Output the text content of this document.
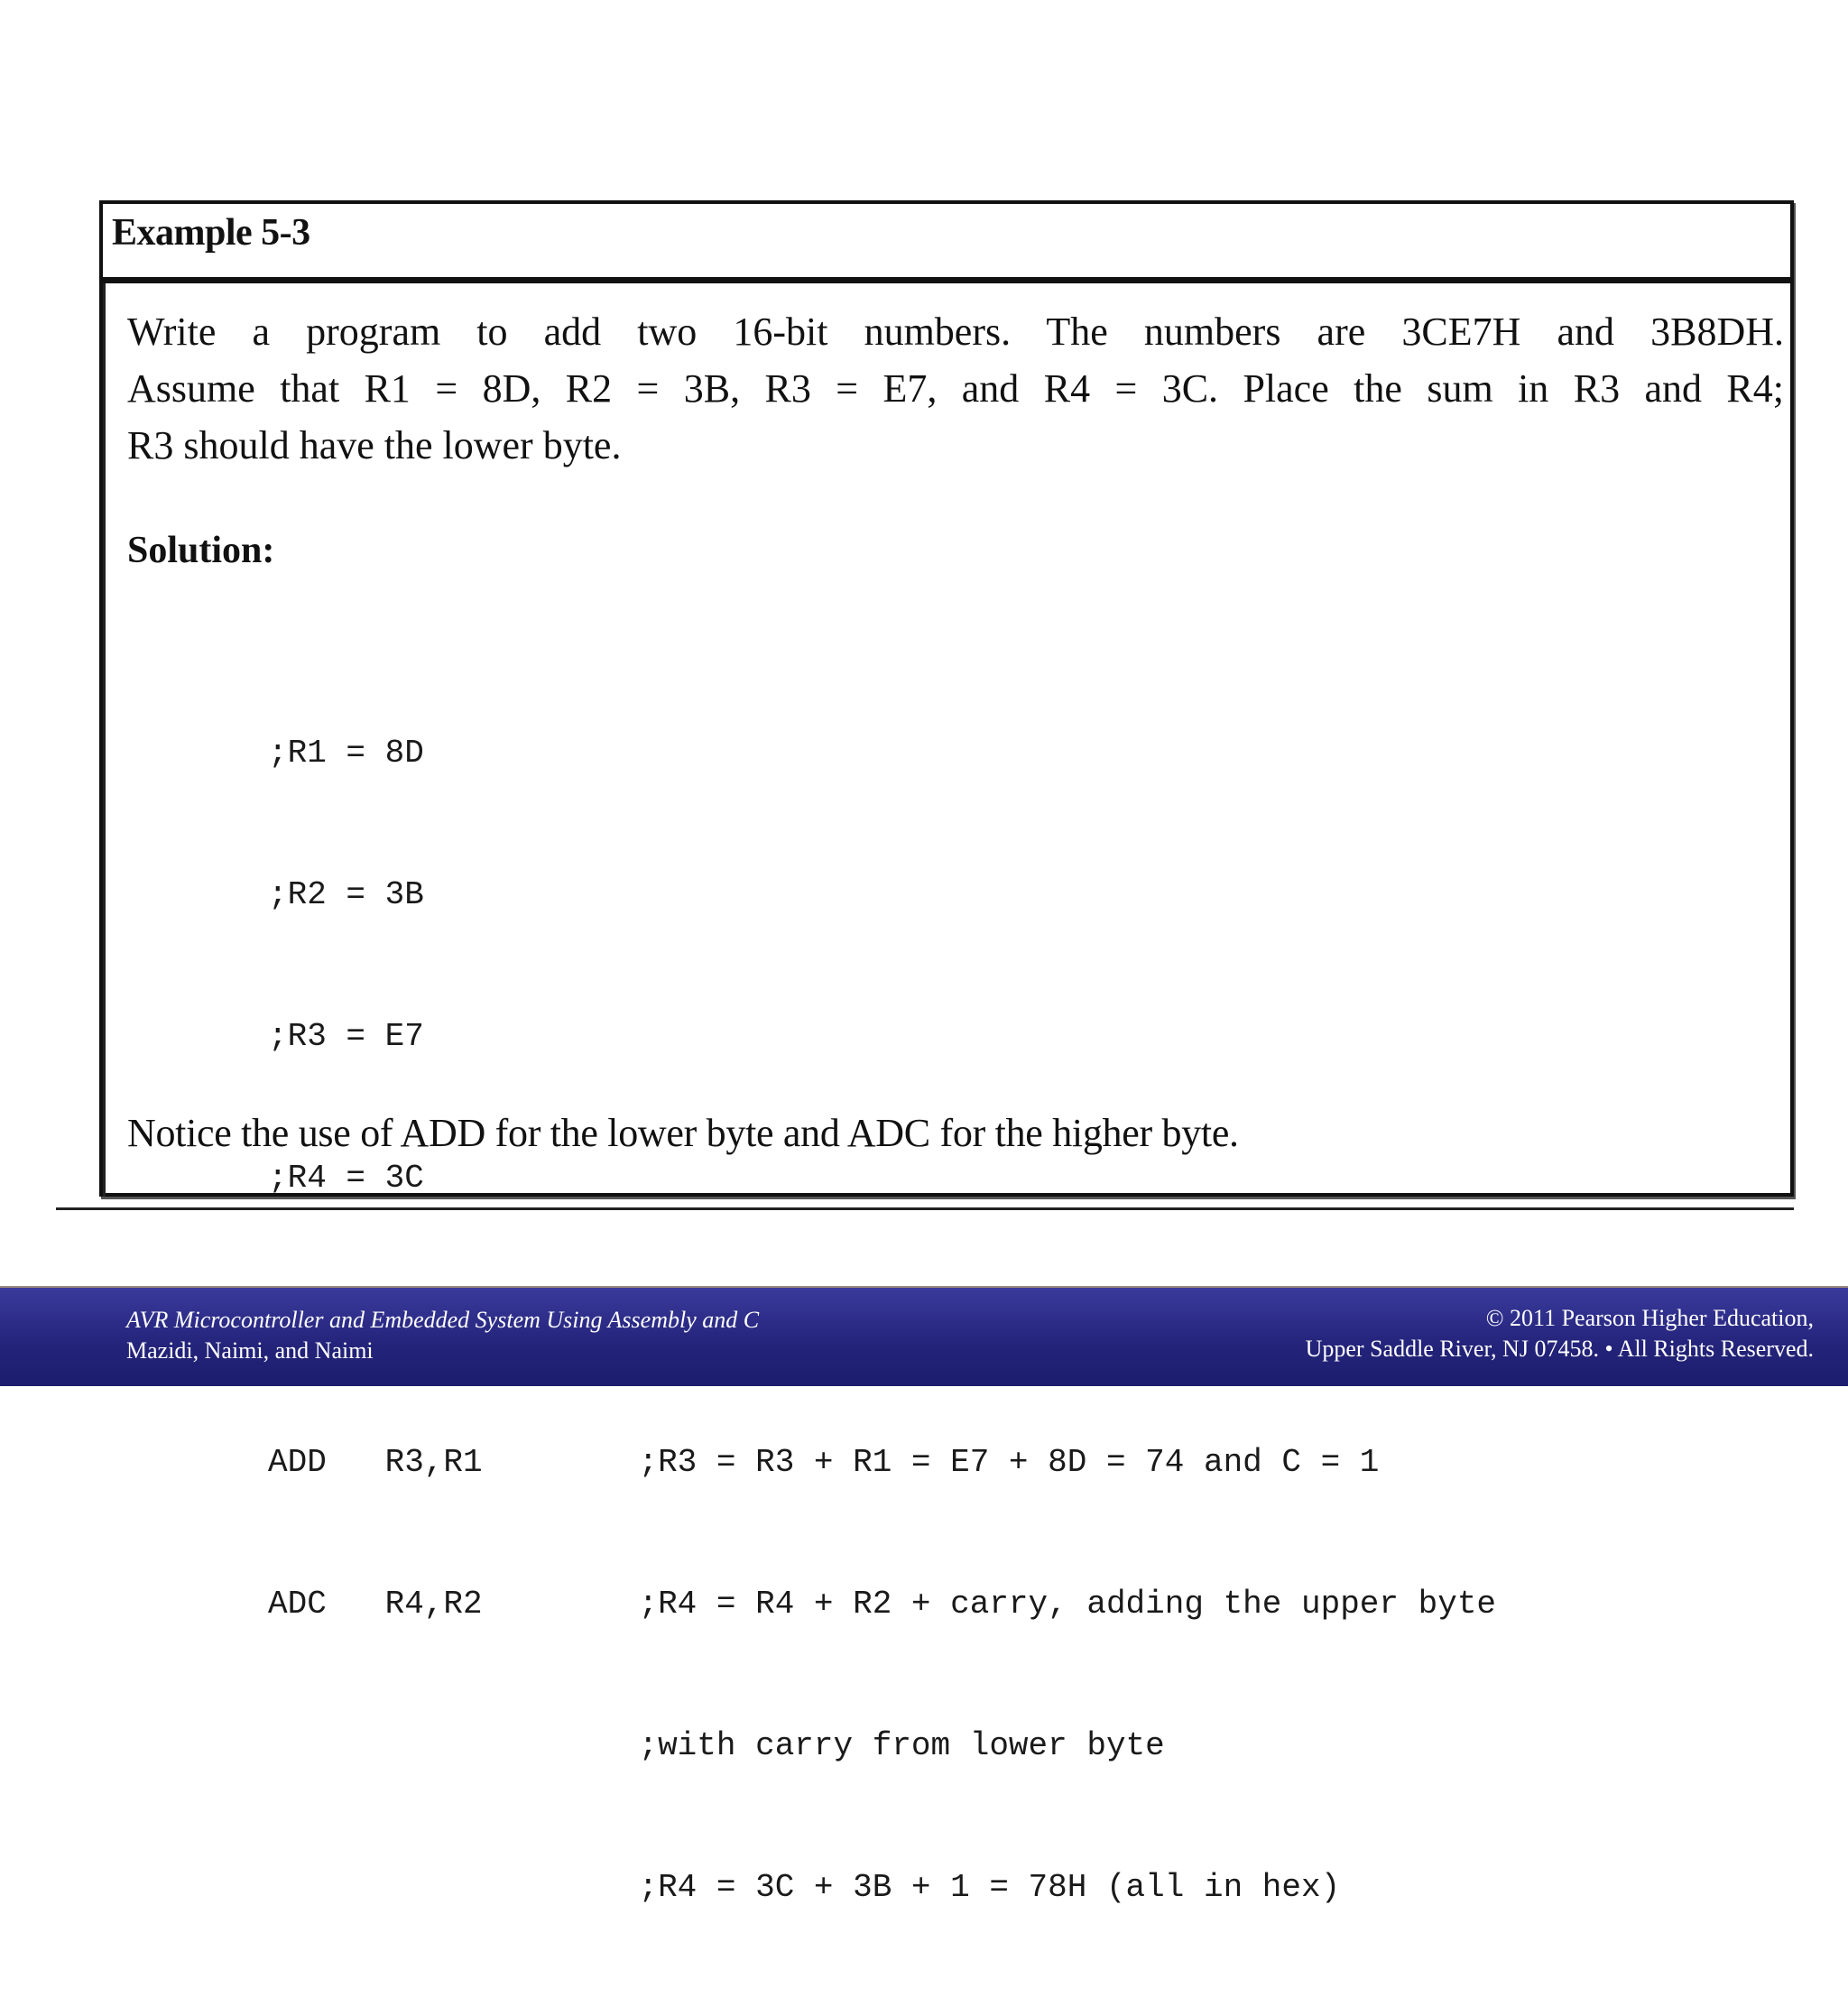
Example 5-3

Write a program to add two 16-bit numbers. The numbers are 3CE7H and 3B8DH.
Assume that R1 = 8D, R2 = 3B, R3 = E7, and R4 = 3C. Place the sum in R3 and R4;
R3 should have the lower byte.

Solution:

;R1 = 8D

;R2 = 3B

;R3 = E7

;R4 = 3C

ADD   R3,R1        ;R3 = R3 + R1 = E7 + 8D = 74 and C = 1

ADC   R4,R2        ;R4 = R4 + R2 + carry, adding the upper byte

;with carry from lower byte

;R4 = 3C + 3B + 1 = 78H (all in hex)

Notice the use of ADD for the lower byte and ADC for the higher byte.
AVR Microcontroller and Embedded System Using Assembly and C
Mazidi, Naimi, and Naimi
© 2011 Pearson Higher Education,
Upper Saddle River, NJ 07458. • All Rights Reserved.
